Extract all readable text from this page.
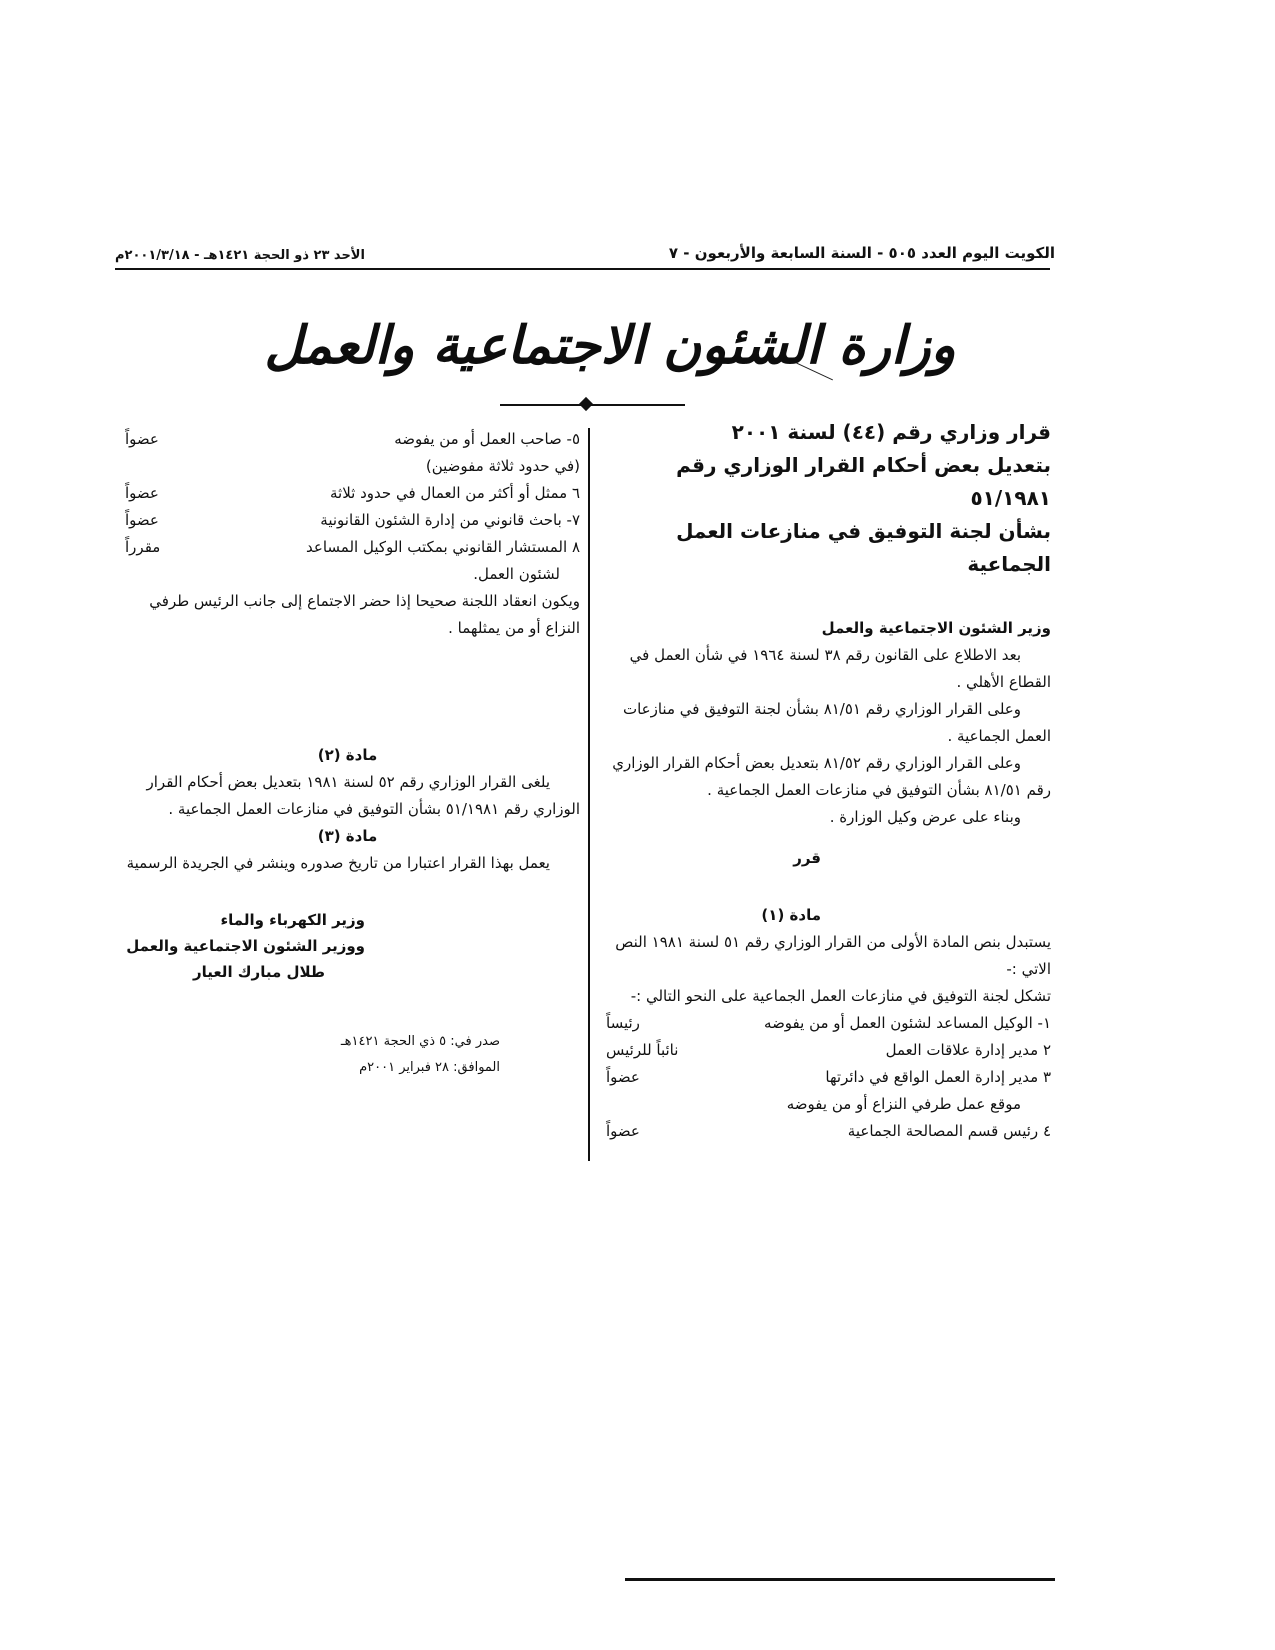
الكويت اليوم العدد ٥٠٥ - السنة السابعة والأربعون - ٧
الأحد ٢٣ ذو الحجة ١٤٢١هـ - ٢٠٠١/٣/١٨م
وزارة الشئون الاجتماعية والعمل

قرار وزاري رقم (٤٤) لسنة ٢٠٠١

بتعديل بعض أحكام القرار الوزاري رقم ٥١/١٩٨١

بشأن لجنة التوفيق في منازعات العمل الجماعية

وزير الشئون الاجتماعية والعمل

بعد الاطلاع على القانون رقم ٣٨ لسنة ١٩٦٤ في شأن العمل في القطاع الأهلي .

وعلى القرار الوزاري رقم ٨١/٥١ بشأن لجنة التوفيق في منازعات العمل الجماعية .

وعلى القرار الوزاري رقم ٨١/٥٢ بتعديل بعض أحكام القرار الوزاري رقم ٨١/٥١ بشأن التوفيق في منازعات العمل الجماعية .

وبناء على عرض وكيل الوزارة .

قرر

مادة (١)

يستبدل بنص المادة الأولى من القرار الوزاري رقم ٥١ لسنة ١٩٨١ النص الاتي :-

تشكل لجنة التوفيق في منازعات العمل الجماعية على النحو التالي :-

١- الوكيل المساعد لشئون العمل أو من يفوضه
رئيساً
٢ مدير إدارة علاقات العمل
نائباً للرئيس
٣ مدير إدارة العمل الواقع في دائرتها
عضواً
موقع عمل طرفي النزاع أو من يفوضه
٤ رئيس قسم المصالحة الجماعية
عضواً
٥- صاحب العمل أو من يفوضه
عضواً
(في حدود ثلاثة مفوضين)
٦ ممثل أو أكثر من العمال في حدود ثلاثة
عضواً
٧- باحث قانوني من إدارة الشئون القانونية
عضواً
٨ المستشار القانوني بمكتب الوكيل المساعد
مقرراً
لشئون العمل.

ويكون انعقاد اللجنة صحيحا إذا حضر الاجتماع إلى جانب الرئيس طرفي النزاع أو من يمثلهما .

مادة (٢)

يلغى القرار الوزاري رقم ٥٢ لسنة ١٩٨١ بتعديل بعض أحكام القرار الوزاري رقم ٥١/١٩٨١ بشأن التوفيق في منازعات العمل الجماعية .

مادة (٣)

يعمل بهذا القرار اعتبارا من تاريخ صدوره وينشر في الجريدة الرسمية

وزير الكهرباء والماء

ووزير الشئون الاجتماعية والعمل

طلال مبارك العيار

صدر في: ٥ ذي الحجة ١٤٢١هـ

الموافق: ٢٨ فبراير ٢٠٠١م
